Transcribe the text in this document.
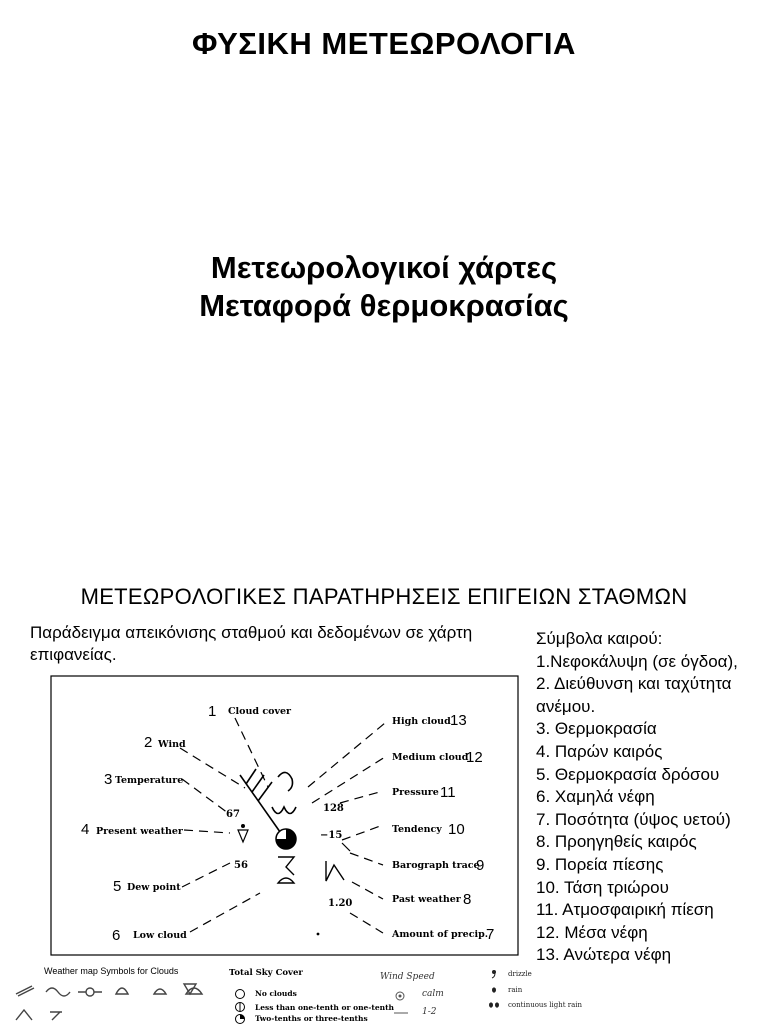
ΦΥΣΙΚΗ ΜΕΤΕΩΡΟΛΟΓΙΑ
Μετεωρολογικοί χάρτες
Μεταφορά θερμοκρασίας
ΜΕΤΕΩΡΟΛΟΓΙΚΕΣ ΠΑΡΑΤΗΡΗΣΕΙΣ ΕΠΙΓΕΙΩΝ ΣΤΑΘΜΩΝ
Παράδειγμα απεικόνισης σταθμού και δεδομένων σε χάρτη επιφανείας.
Σύμβολα καιρού:
1.Νεφοκάλυψη (σε όγδοα),
2. Διεύθυνση και ταχύτητα ανέμου.
3. Θερμοκρασία
4. Παρών καιρός
5. Θερμοκρασία δρόσου
6. Χαμηλά νέφη
7. Ποσότητα (ύψος υετού)
8. Προηγηθείς καιρός
9. Πορεία πίεσης
10. Τάση τριώρου
11. Ατμοσφαιρική πίεση
12. Μέσα νέφη
13. Ανώτερα νέφη
67
56
128
−15
1.20
1 Cloud cover
2 Wind
3 Temperature
4 Present weather
5 Dew point
6 Low cloud
High cloud 13
Medium cloud
12
Pressure 11
Tendency 10
Barograph trace
9
Past weather 8
Amount of precip.
7
Weather map Symbols for Clouds	Total Sky Cover
No clouds
Less than one-tenth or one-tenth
Two-tenths or three-tenths
Wind Speed
calm
1-2
drizzle
rain
continuous light rain
